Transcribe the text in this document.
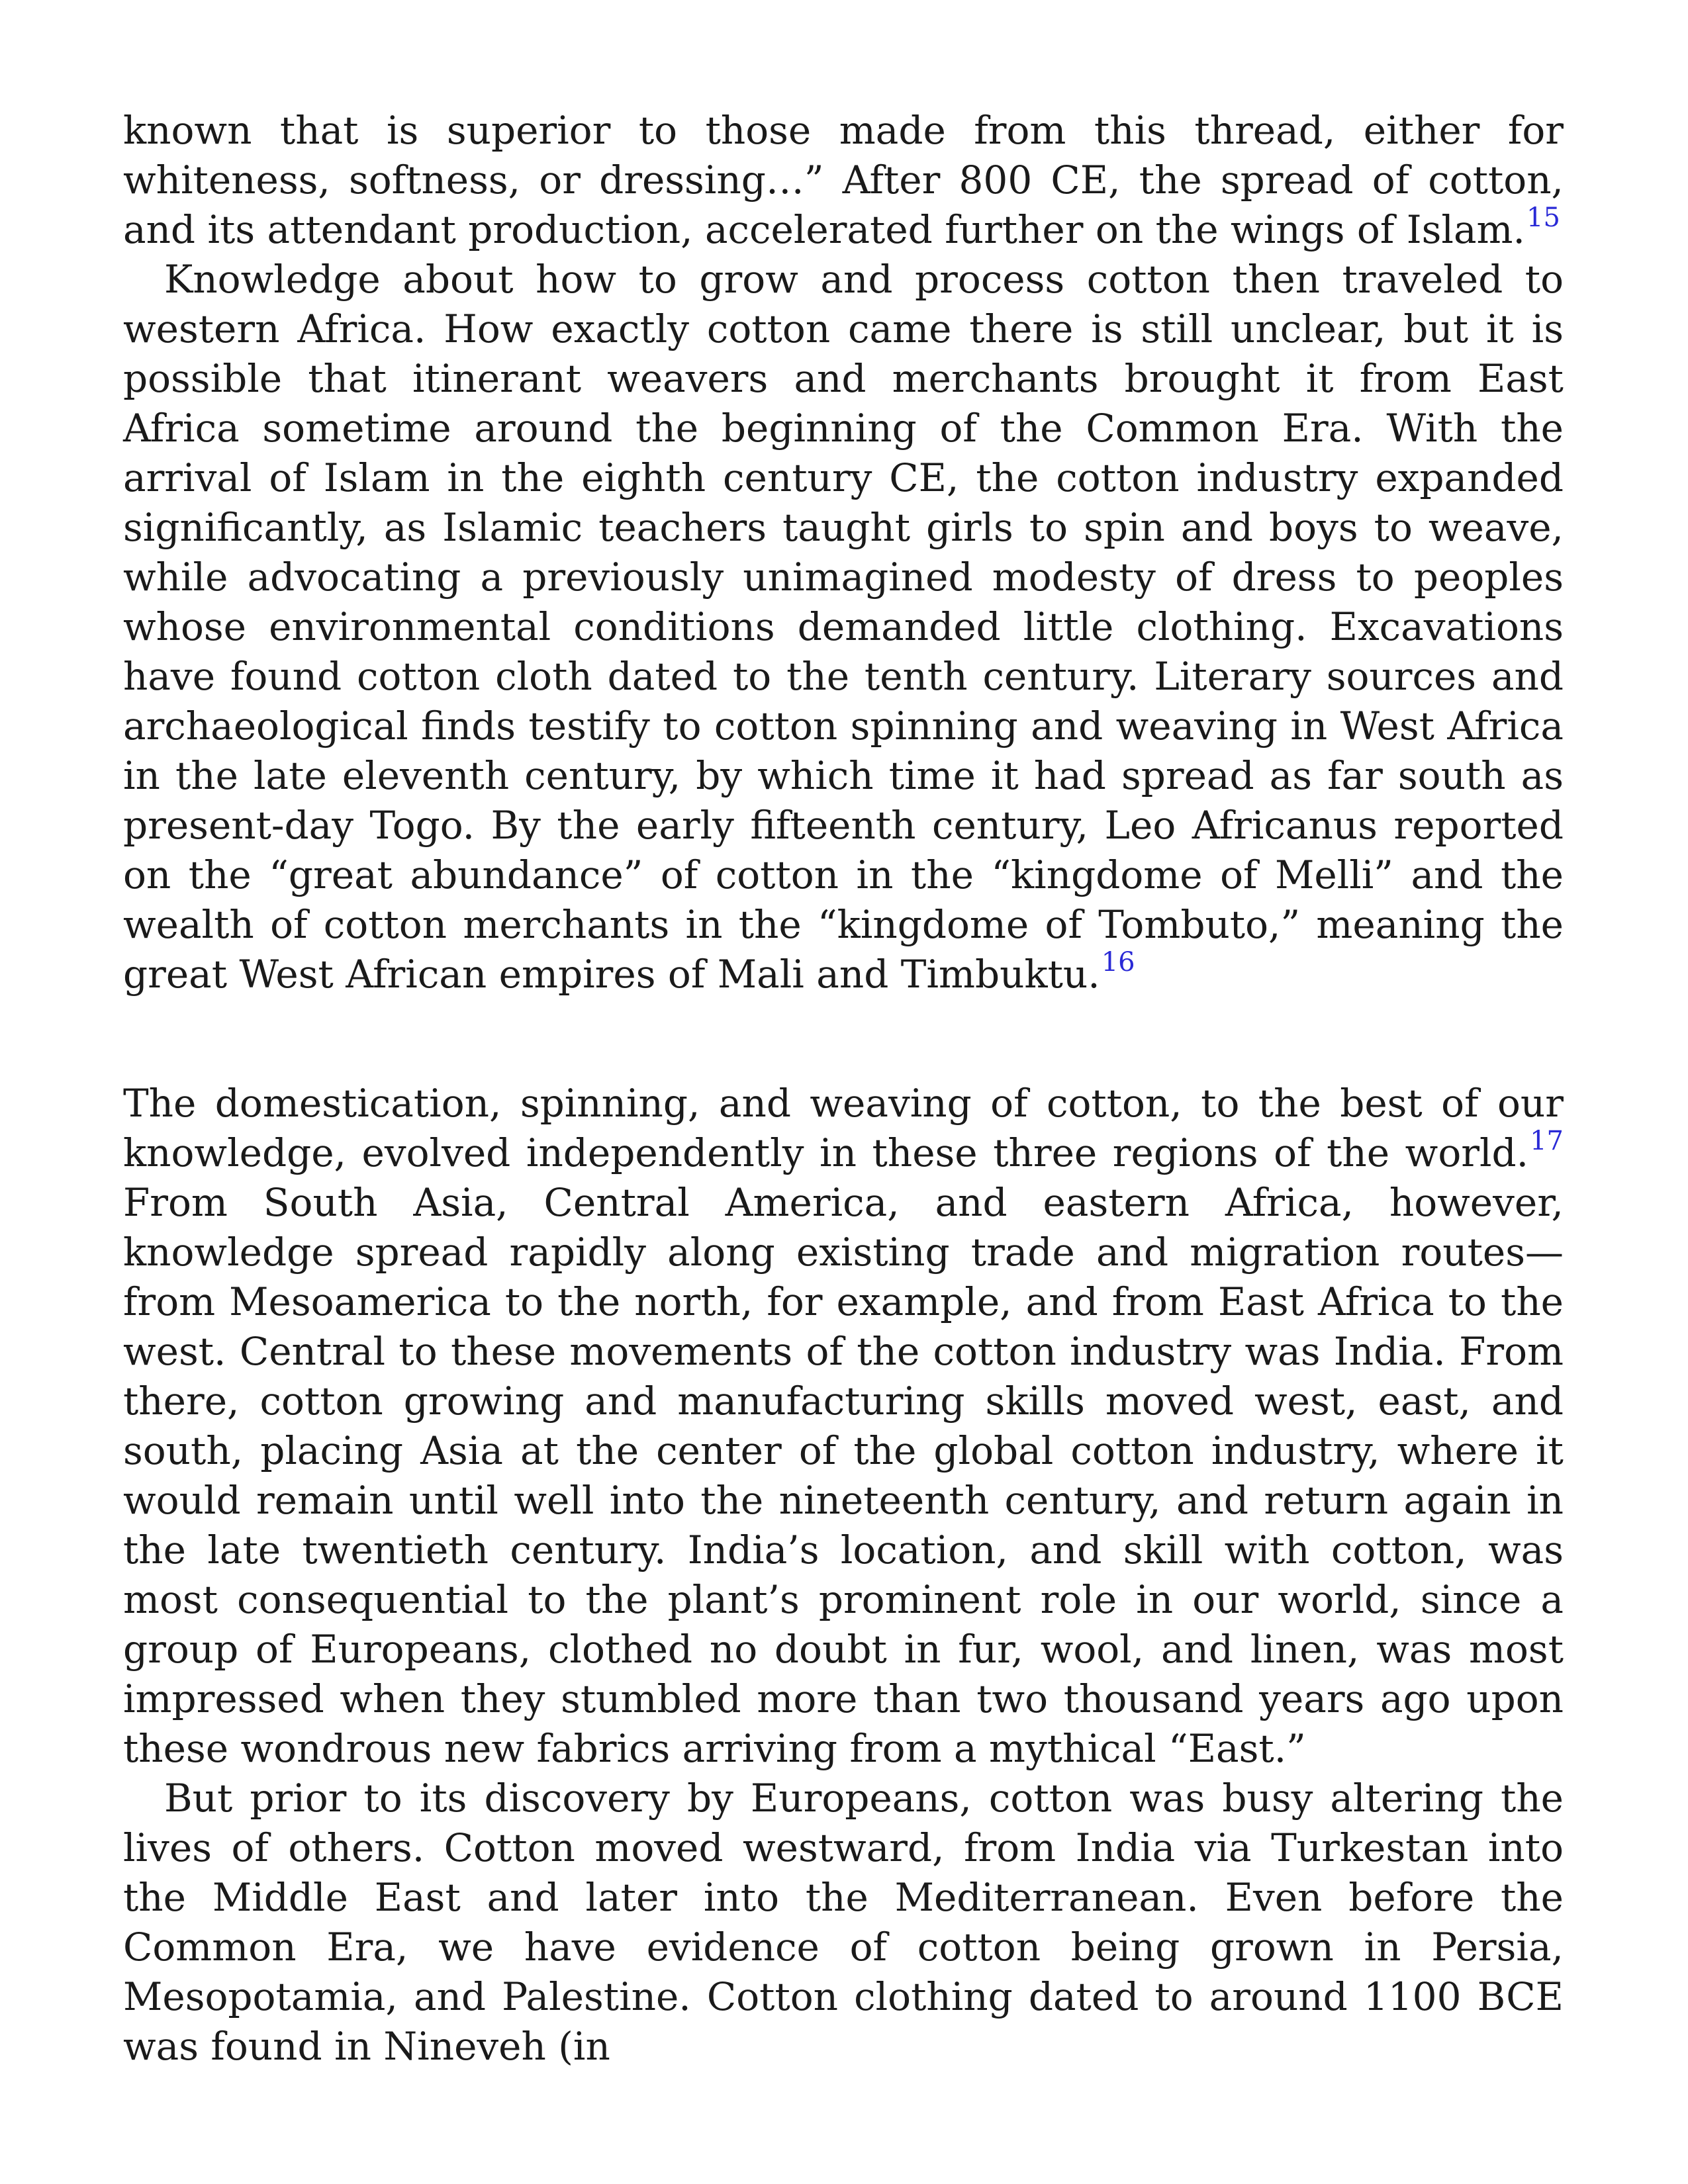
known that is superior to those made from this thread, either for whiteness, softness, or dressing…” After 800 CE, the spread of cotton, and its attendant production, accelerated further on the wings of Islam.$^{15}$

Knowledge about how to grow and process cotton then traveled to western Africa. How exactly cotton came there is still unclear, but it is possible that itinerant weavers and merchants brought it from East Africa sometime around the beginning of the Common Era. With the arrival of Islam in the eighth century CE, the cotton industry expanded significantly, as Islamic teachers taught girls to spin and boys to weave, while advocating a previously unimagined modesty of dress to peoples whose environmental conditions demanded little clothing. Excavations have found cotton cloth dated to the tenth century. Literary sources and archaeological finds testify to cotton spinning and weaving in West Africa in the late eleventh century, by which time it had spread as far south as present-day Togo. By the early fifteenth century, Leo Africanus reported on the “great abundance” of cotton in the “kingdome of Melli” and the wealth of cotton merchants in the “kingdome of Tombuto,” meaning the great West African empires of Mali and Timbuktu.$^{16}$

The domestication, spinning, and weaving of cotton, to the best of our knowledge, evolved independently in these three regions of the world.$^{17}$ From South Asia, Central America, and eastern Africa, however, knowledge spread rapidly along existing trade and migration routes—from Mesoamerica to the north, for example, and from East Africa to the west. Central to these movements of the cotton industry was India. From there, cotton growing and manufacturing skills moved west, east, and south, placing Asia at the center of the global cotton industry, where it would remain until well into the nineteenth century, and return again in the late twentieth century. India’s location, and skill with cotton, was most consequential to the plant’s prominent role in our world, since a group of Europeans, clothed no doubt in fur, wool, and linen, was most impressed when they stumbled more than two thousand years ago upon these wondrous new fabrics arriving from a mythical “East.”

But prior to its discovery by Europeans, cotton was busy altering the lives of others. Cotton moved westward, from India via Turkestan into the Middle East and later into the Mediterranean. Even before the Common Era, we have evidence of cotton being grown in Persia, Mesopotamia, and Palestine. Cotton clothing dated to around 1100 BCE was found in Nineveh (in
